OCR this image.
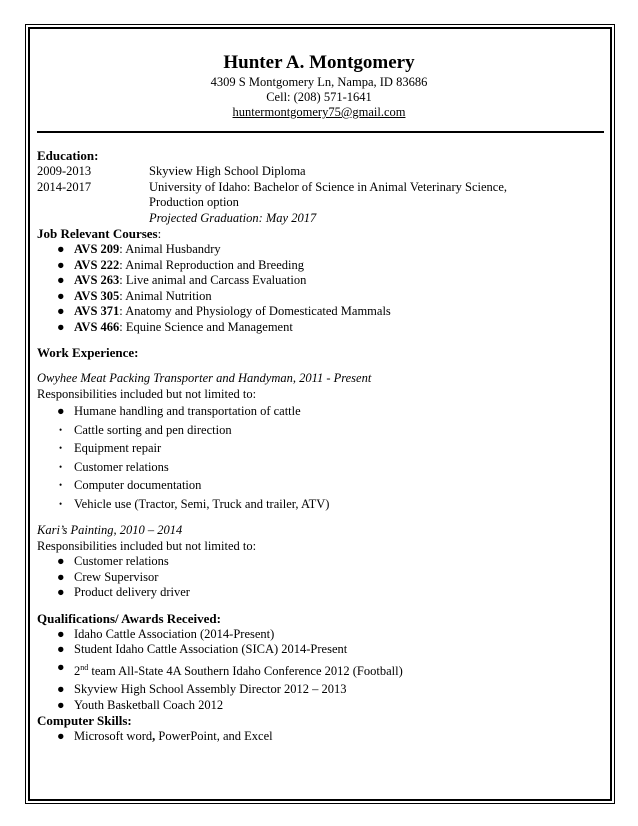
Hunter A. Montgomery
4309 S Montgomery Ln, Nampa, ID 83686
Cell: (208) 571-1641
huntermontgomery75@gmail.com
Education:
2009-2013	Skyview High School Diploma
2014-2017	University of Idaho: Bachelor of Science in Animal Veterinary Science,
Production option
Projected Graduation: May 2017
Job Relevant Courses:
● AVS 209: Animal Husbandry
● AVS 222: Animal Reproduction and Breeding
● AVS 263: Live animal and Carcass Evaluation
● AVS 305: Animal Nutrition
● AVS 371: Anatomy and Physiology of Domesticated Mammals
● AVS 466: Equine Science and Management
Work Experience:
Owyhee Meat Packing Transporter and Handyman, 2011 - Present
Responsibilities included but not limited to:
● Humane handling and transportation of cattle
• Cattle sorting and pen direction
• Equipment repair
• Customer relations
• Computer documentation
• Vehicle use (Tractor, Semi, Truck and trailer, ATV)
Kari’s Painting, 2010 – 2014
Responsibilities included but not limited to:
● Customer relations
● Crew Supervisor
● Product delivery driver
Qualifications/ Awards Received:
● Idaho Cattle Association (2014-Present)
● Student Idaho Cattle Association (SICA) 2014-Present
● 2nd team All-State 4A Southern Idaho Conference 2012 (Football)
● Skyview High School Assembly Director 2012 – 2013
● Youth Basketball Coach 2012
Computer Skills:
● Microsoft word, PowerPoint, and Excel
